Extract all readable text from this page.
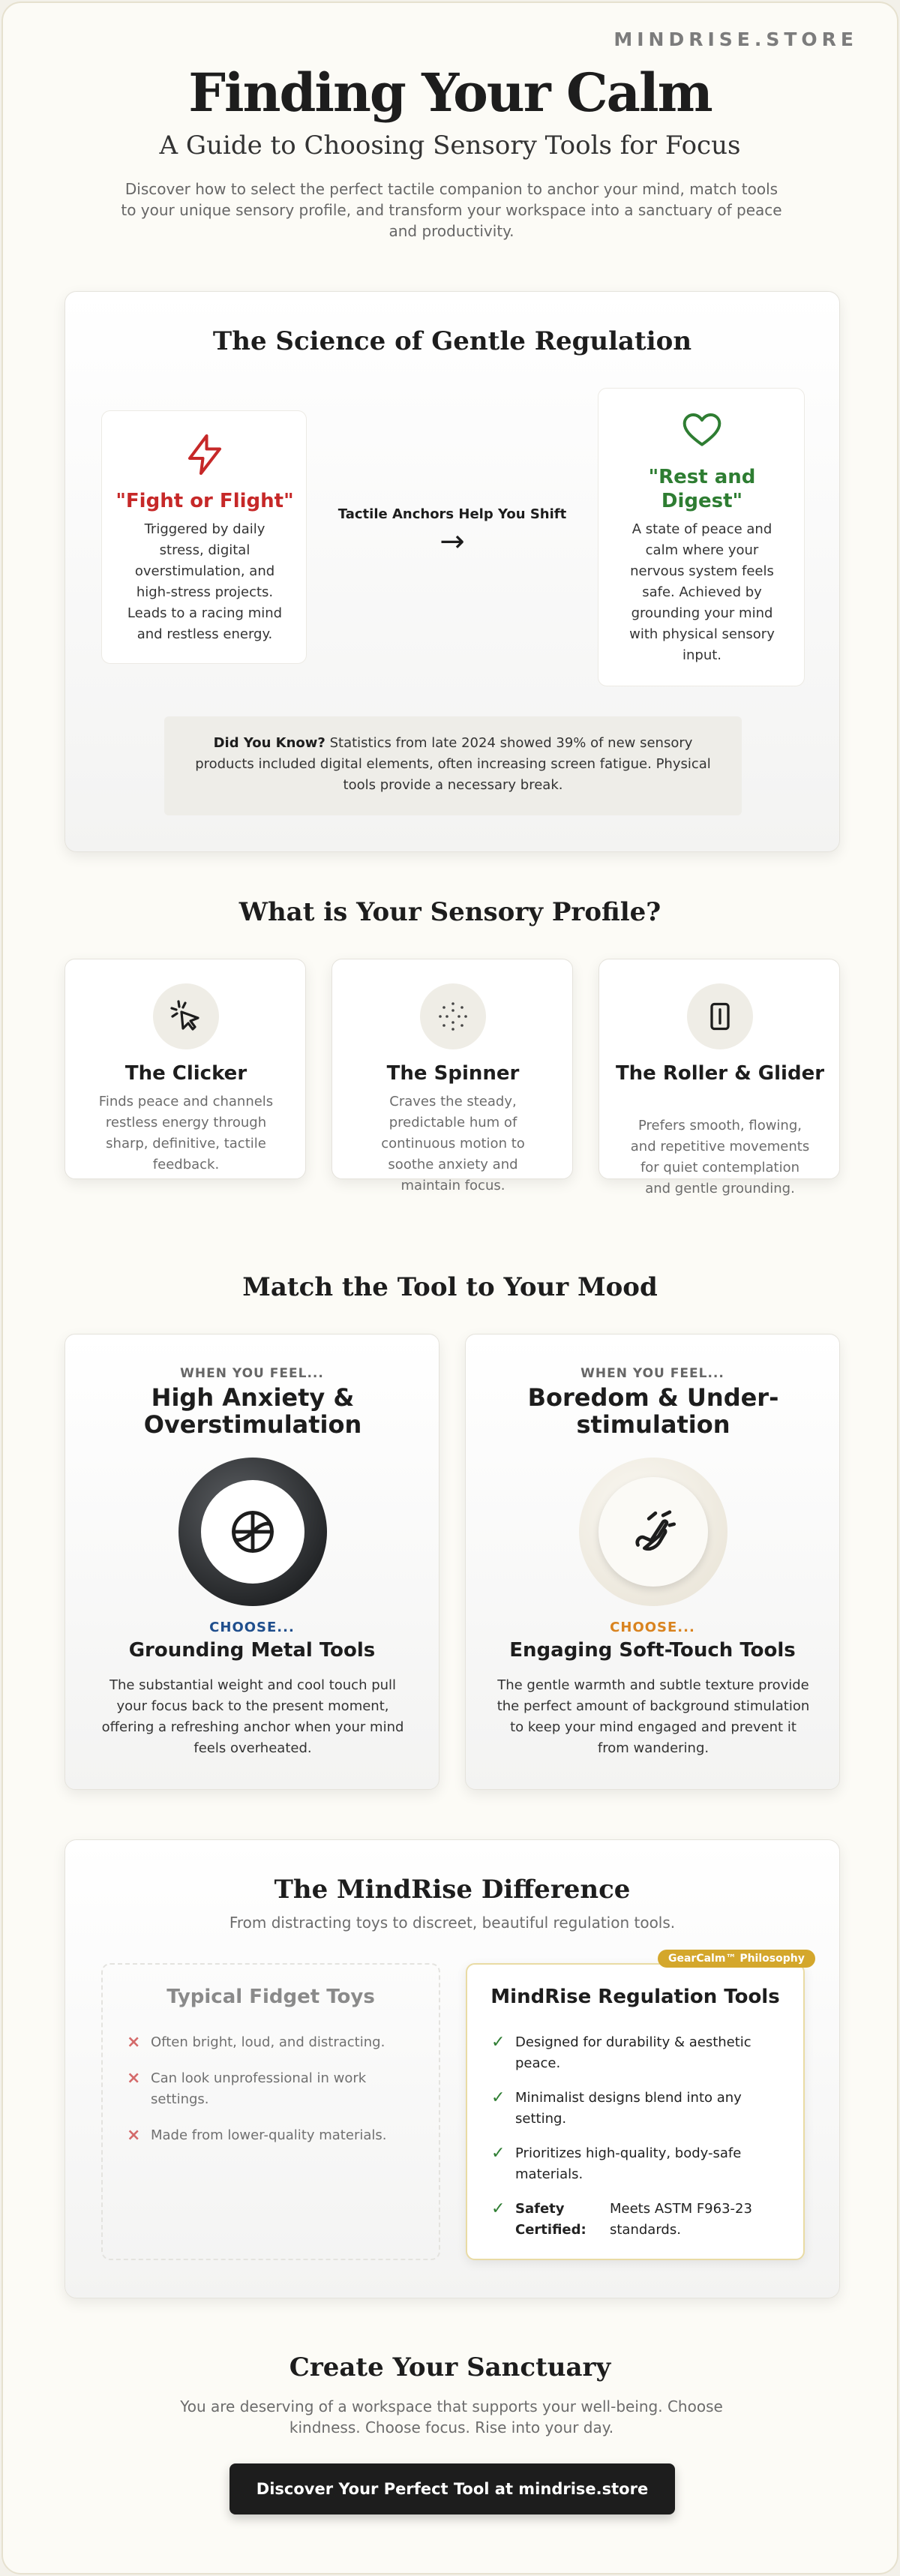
MINDRISE.STORE
Finding Your Calm
A Guide to Choosing Sensory Tools for Focus

Discover how to select the perfect tactile companion to anchor your mind, match tools to your unique sensory profile, and transform your workspace into a sanctuary of peace and productivity.

The Science of Gentle Regulation
"Fight or Flight"
Triggered by daily stress, digital overstimulation, and high-stress projects. Leads to a racing mind and restless energy.
Tactile Anchors Help You Shift
→
"Rest and Digest"
A state of peace and calm where your nervous system feels safe. Achieved by grounding your mind with physical sensory input.
Did You Know? Statistics from late 2024 showed 39% of new sensory products included digital elements, often increasing screen fatigue. Physical tools provide a necessary break.
What is Your Sensory Profile?
The Clicker
Finds peace and channels restless energy through sharp, definitive, tactile feedback.
The Spinner
Craves the steady, predictable hum of continuous motion to soothe anxiety and maintain focus.
The Roller & Glider
Prefers smooth, flowing, and repetitive movements for quiet contemplation and gentle grounding.
Match the Tool to Your Mood
WHEN YOU FEEL...
High Anxiety & Overstimulation
CHOOSE...
Grounding Metal Tools
The substantial weight and cool touch pull your focus back to the present moment, offering a refreshing anchor when your mind feels overheated.
WHEN YOU FEEL...
Boredom & Under-stimulation
CHOOSE...
Engaging Soft-Touch Tools
The gentle warmth and subtle texture provide the perfect amount of background stimulation to keep your mind engaged and prevent it from wandering.
The MindRise Difference
From distracting toys to discreet, beautiful regulation tools.
Typical Fidget Toys
× Often bright, loud, and distracting.
× Can look unprofessional in work settings.
× Made from lower-quality materials.
MindRise Regulation Tools
✓ Designed for durability & aesthetic peace.
✓ Minimalist designs blend into any setting.
✓ Prioritizes high-quality, body-safe materials.
✓ Safety Certified:
Meets ASTM F963-23 standards.
GearCalm™ Philosophy
Create Your Sanctuary

You are deserving of a workspace that supports your well-being. Choose kindness. Choose focus. Rise into your day.

Discover Your Perfect Tool at mindrise.store
